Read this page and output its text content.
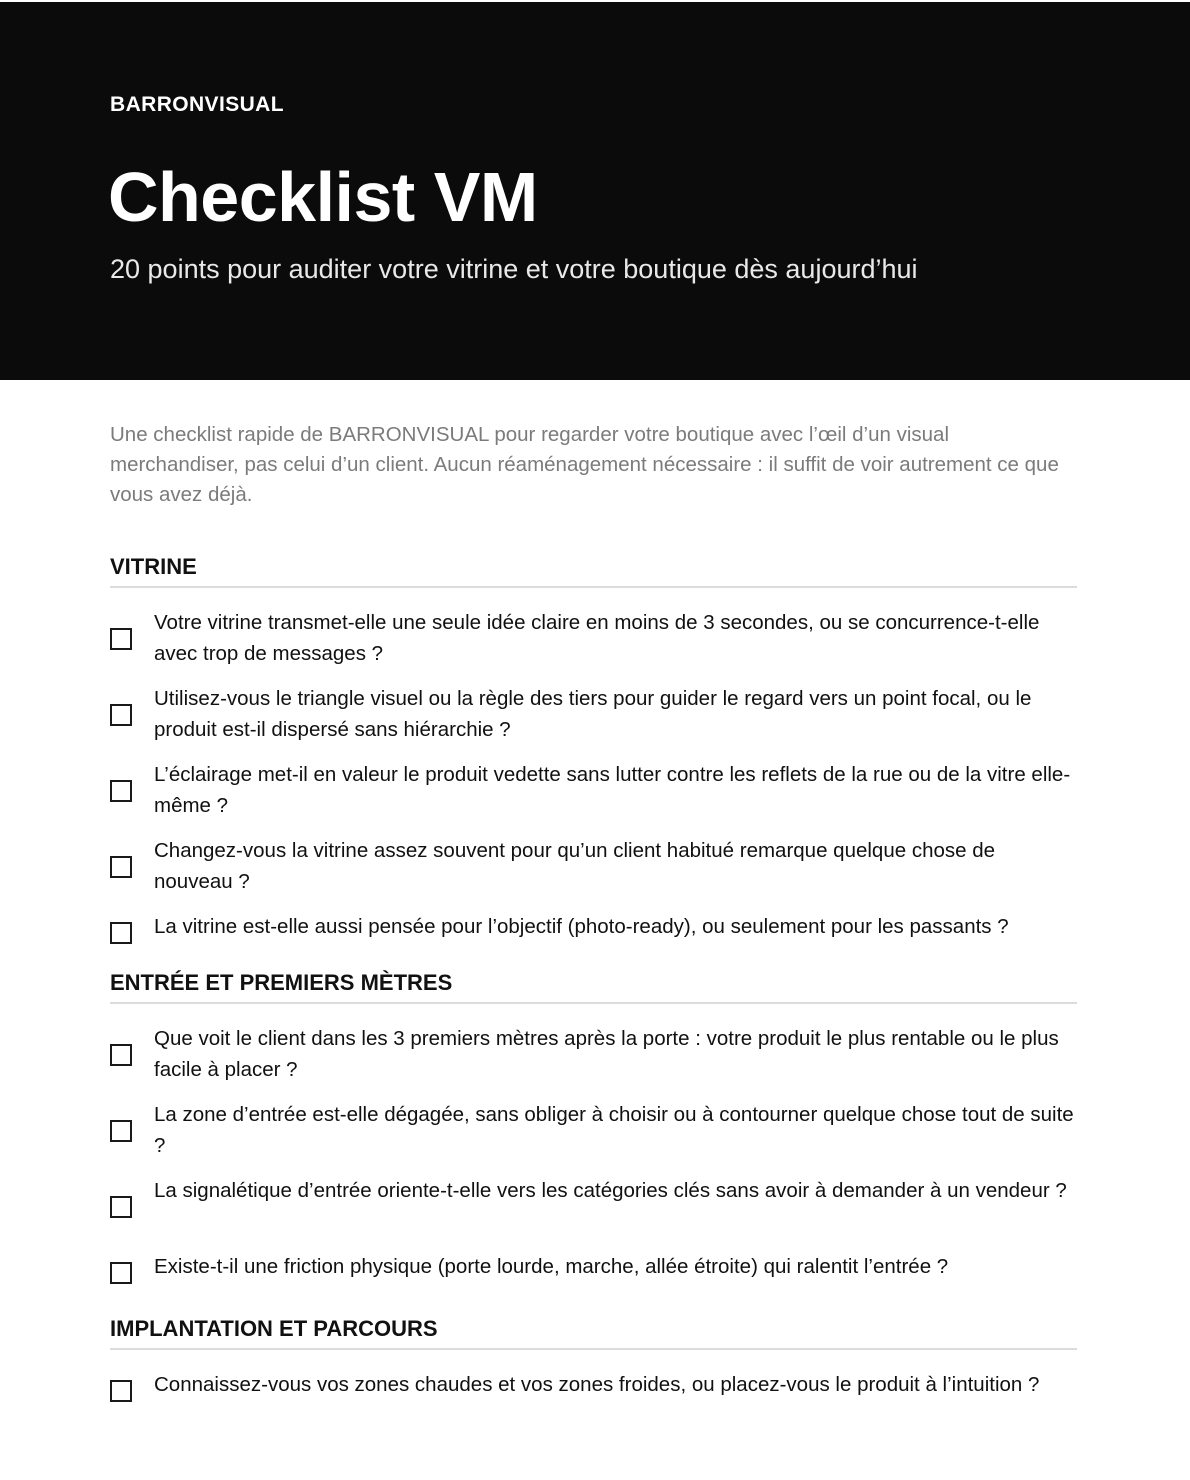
BARRONVISUAL
Checklist VM
20 points pour auditer votre vitrine et votre boutique dès aujourd’hui

Une checklist rapide de BARRONVISUAL pour regarder votre boutique avec l’œil d’un visual merchandiser, pas celui d’un client. Aucun réaménagement nécessaire : il suffit de voir autrement ce que vous avez déjà.

VITRINE
Votre vitrine transmet-elle une seule idée claire en moins de 3 secondes, ou se concurrence-t-elle avec trop de messages ?
Utilisez-vous le triangle visuel ou la règle des tiers pour guider le regard vers un point focal, ou le produit est-il dispersé sans hiérarchie ?
L’éclairage met-il en valeur le produit vedette sans lutter contre les reflets de la rue ou de la vitre elle-même ?
Changez-vous la vitrine assez souvent pour qu’un client habitué remarque quelque chose de nouveau ?
La vitrine est-elle aussi pensée pour l’objectif (photo-ready), ou seulement pour les passants ?
ENTRÉE ET PREMIERS MÈTRES
Que voit le client dans les 3 premiers mètres après la porte : votre produit le plus rentable ou le plus facile à placer ?
La zone d’entrée est-elle dégagée, sans obliger à choisir ou à contourner quelque chose tout de suite ?
La signalétique d’entrée oriente-t-elle vers les catégories clés sans avoir à demander à un vendeur ?
Existe-t-il une friction physique (porte lourde, marche, allée étroite) qui ralentit l’entrée ?
IMPLANTATION ET PARCOURS
Connaissez-vous vos zones chaudes et vos zones froides, ou placez-vous le produit à l’intuition ?
